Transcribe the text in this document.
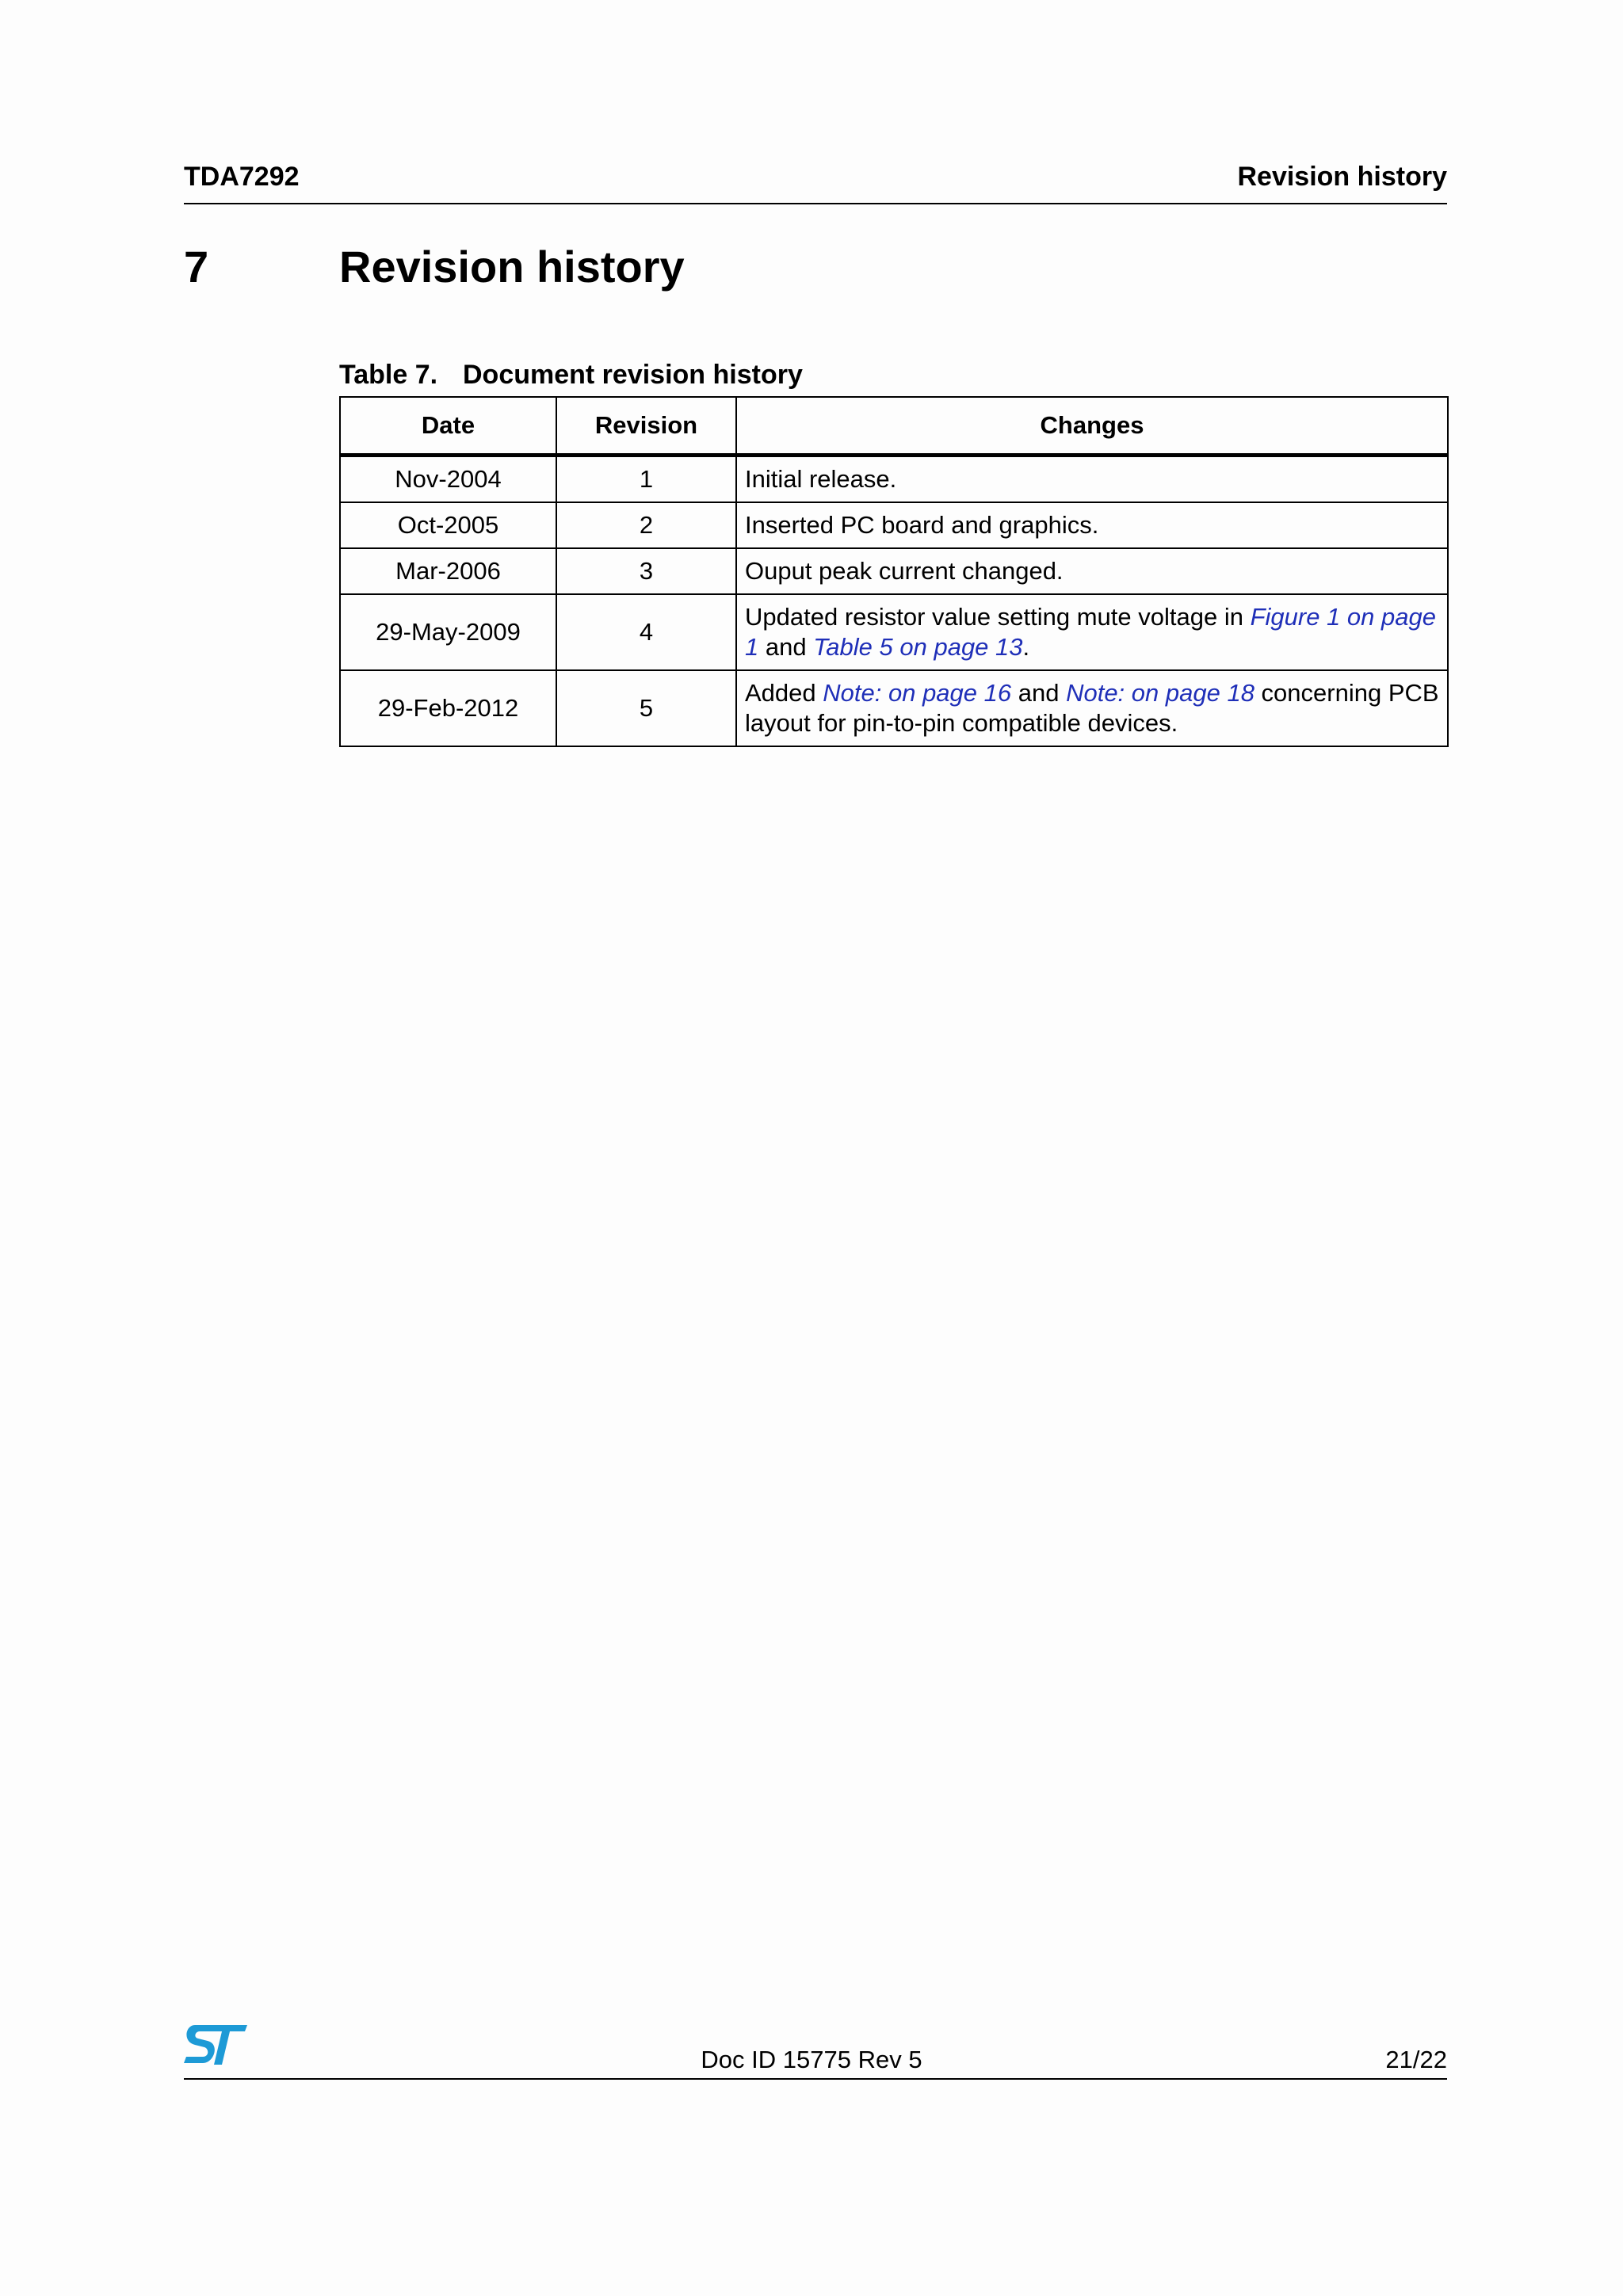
TDA7292	Revision history
7	Revision history
Table 7. Document revision history
Date	Revision	Changes
Nov-2004	1	Initial release.
Oct-2005	2	Inserted PC board and graphics.
Mar-2006	3	Ouput peak current changed.
29-May-2009	4	Updated resistor value setting mute voltage in Figure 1 on page 1 and Table 5 on page 13.
29-Feb-2012	5	Added Note: on page 16 and Note: on page 18 concerning PCB layout for pin-to-pin compatible devices.
Doc ID 15775 Rev 5	21/22
